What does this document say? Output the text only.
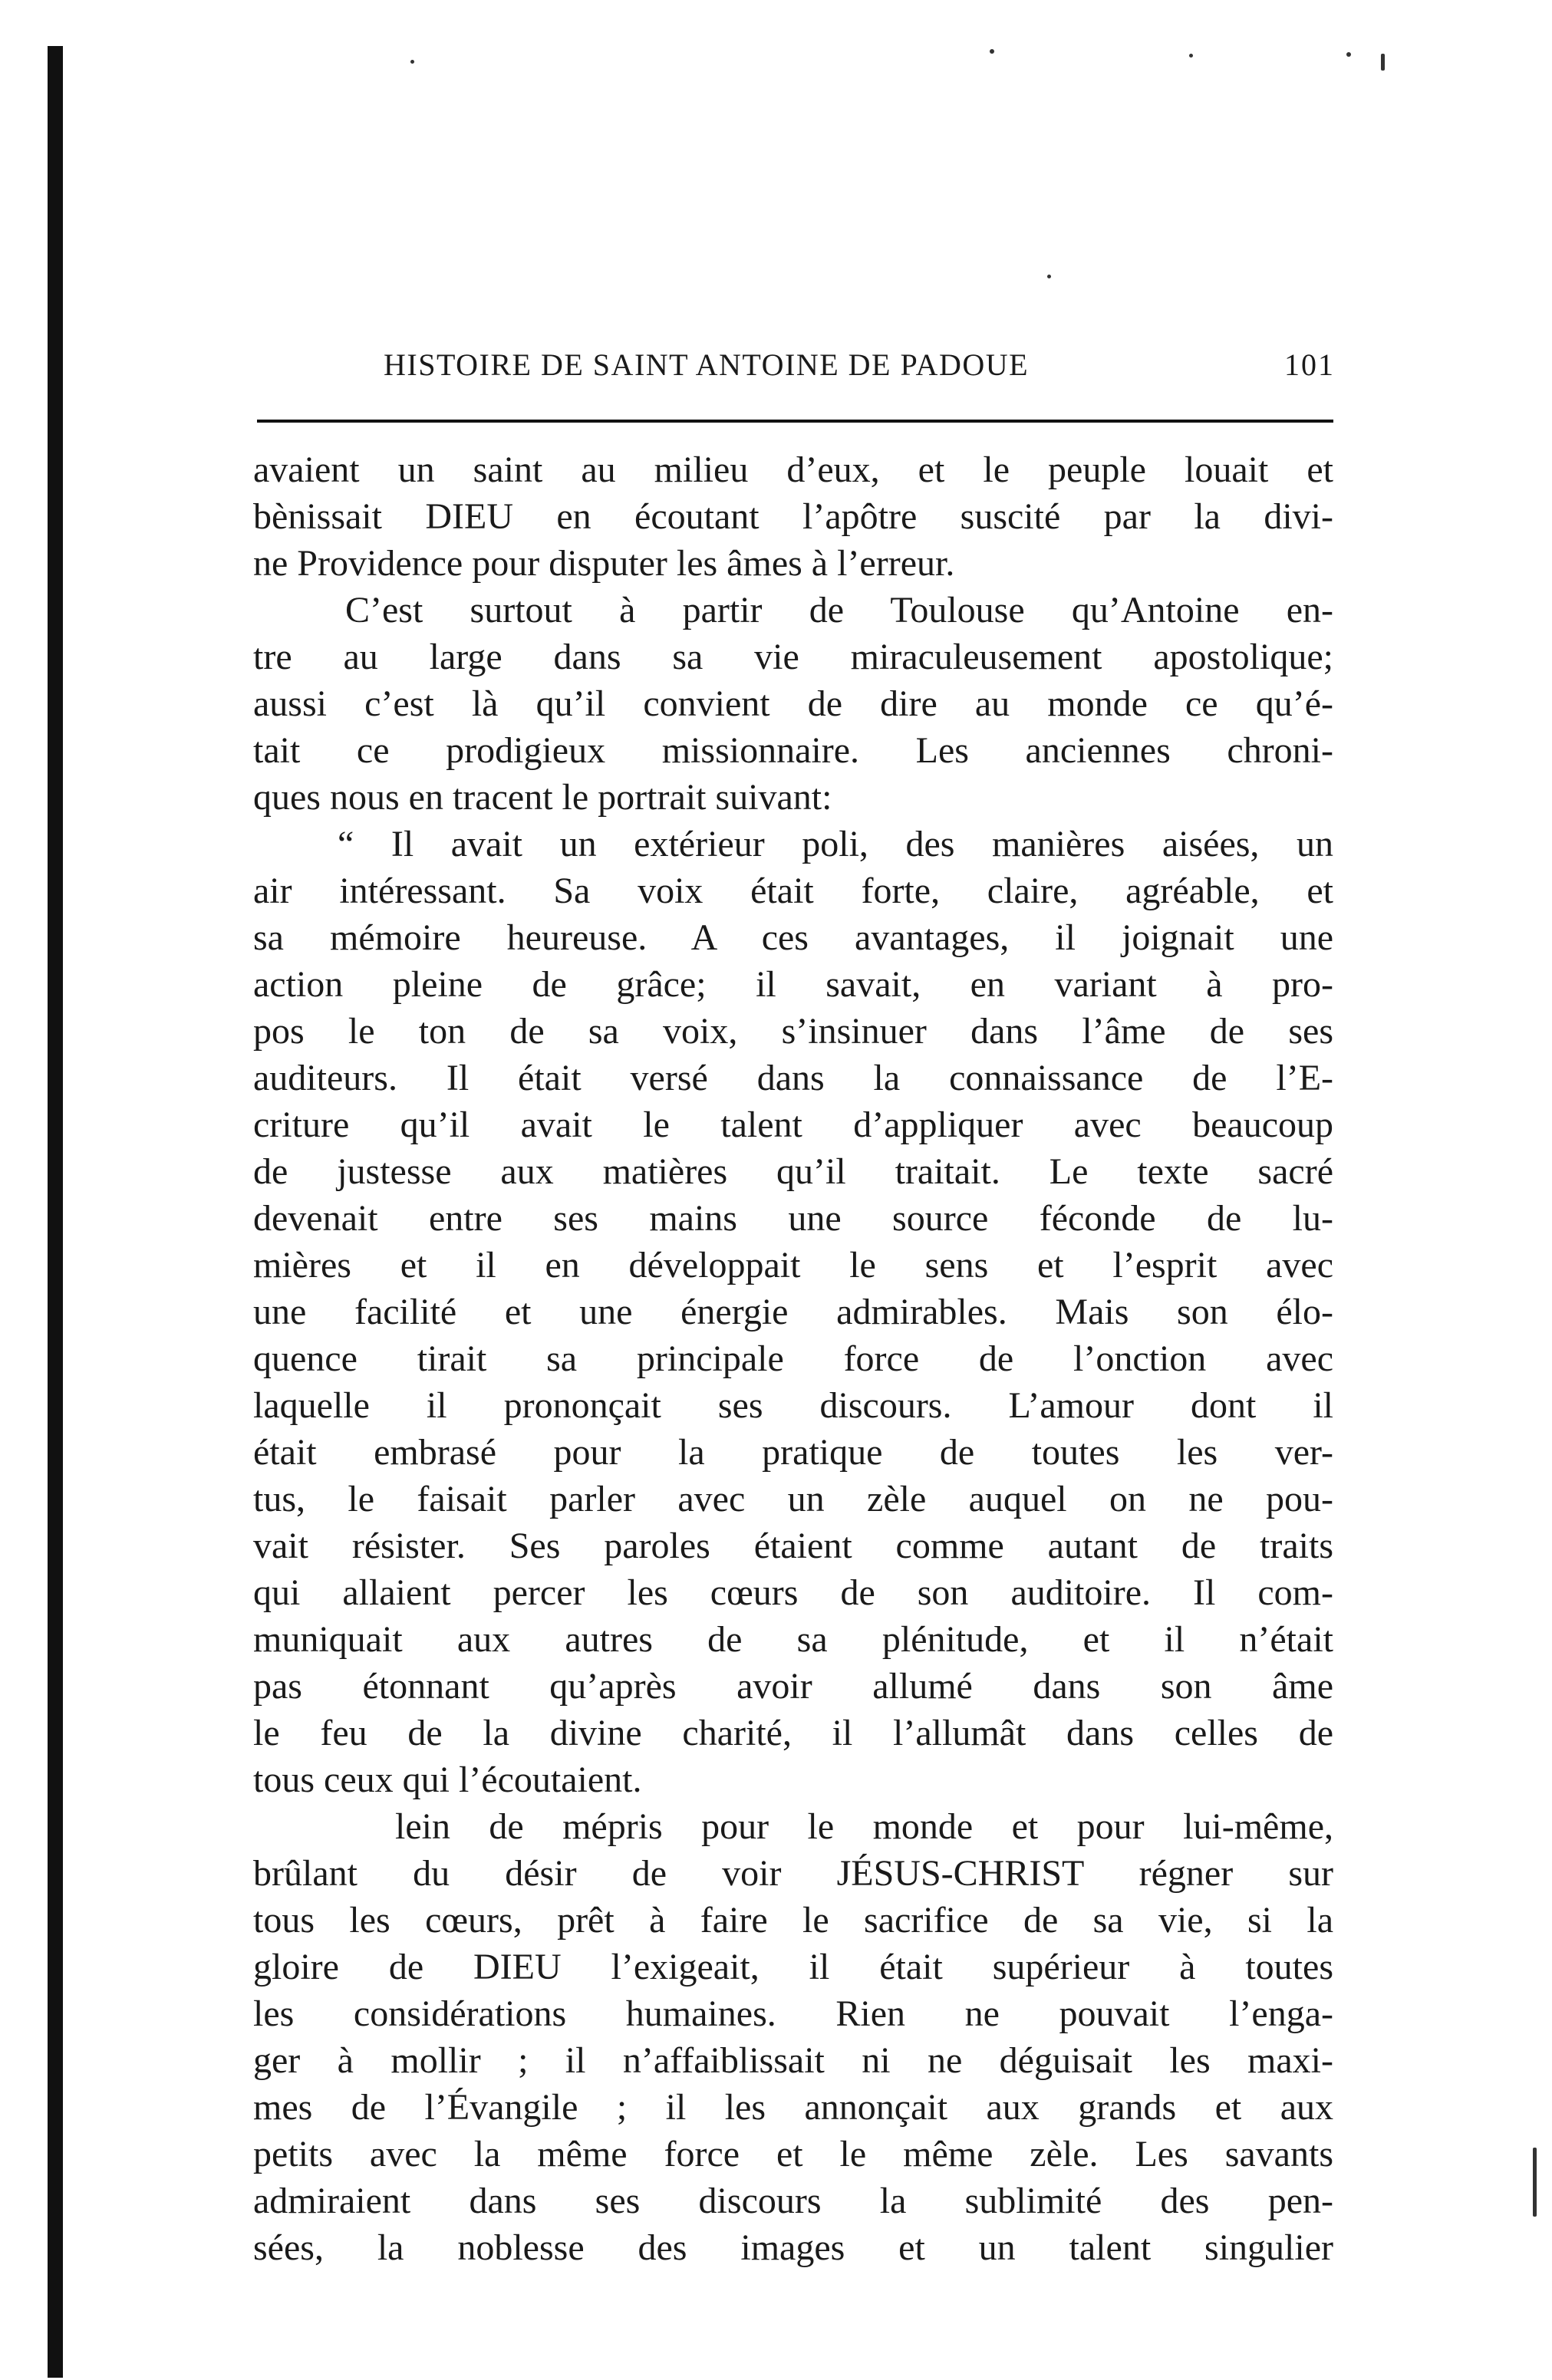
HISTOIRE DE SAINT ANTOINE DE PADOUE	101
avaient un saint au milieu d’eux, et le peuple louait et
bènissait DIEU en écoutant l’apôtre suscité par la divi-
ne Providence pour disputer les âmes à l’erreur.
C’est surtout à partir de Toulouse qu’Antoine en-
tre au large dans sa vie miraculeusement apostolique;
aussi c’est là qu’il convient de dire au monde ce qu’é-
tait ce prodigieux missionnaire. Les anciennes chroni-
ques nous en tracent le portrait suivant:
“ Il avait un extérieur poli, des manières aisées, un
air intéressant. Sa voix était forte, claire, agréable, et
sa mémoire heureuse. A ces avantages, il joignait une
action pleine de grâce; il savait, en variant à pro-
pos le ton de sa voix, s’insinuer dans l’âme de ses
auditeurs. Il était versé dans la connaissance de l’E-
criture qu’il avait le talent d’appliquer avec beaucoup
de justesse aux matières qu’il traitait. Le texte sacré
devenait entre ses mains une source féconde de lu-
mières et il en développait le sens et l’esprit avec
une facilité et une énergie admirables. Mais son élo-
quence tirait sa principale force de l’onction avec
laquelle il prononçait ses discours. L’amour dont il
était embrasé pour la pratique de toutes les ver-
tus, le faisait parler avec un zèle auquel on ne pou-
vait résister. Ses paroles étaient comme autant de traits
qui allaient percer les cœurs de son auditoire. Il com-
muniquait aux autres de sa plénitude, et il n’était
pas étonnant qu’après avoir allumé dans son âme
le feu de la divine charité, il l’allumât dans celles de
tous ceux qui l’écoutaient.
lein de mépris pour le monde et pour lui-même,
brûlant du désir de voir JÉSUS-CHRIST régner sur
tous les cœurs, prêt à faire le sacrifice de sa vie, si la
gloire de DIEU l’exigeait, il était supérieur à toutes
les considérations humaines. Rien ne pouvait l’enga-
ger à mollir ; il n’affaiblissait ni ne déguisait les maxi-
mes de l’Évangile ; il les annonçait aux grands et aux
petits avec la même force et le même zèle. Les savants
admiraient dans ses discours la sublimité des pen-
sées, la noblesse des images et un talent singulier
